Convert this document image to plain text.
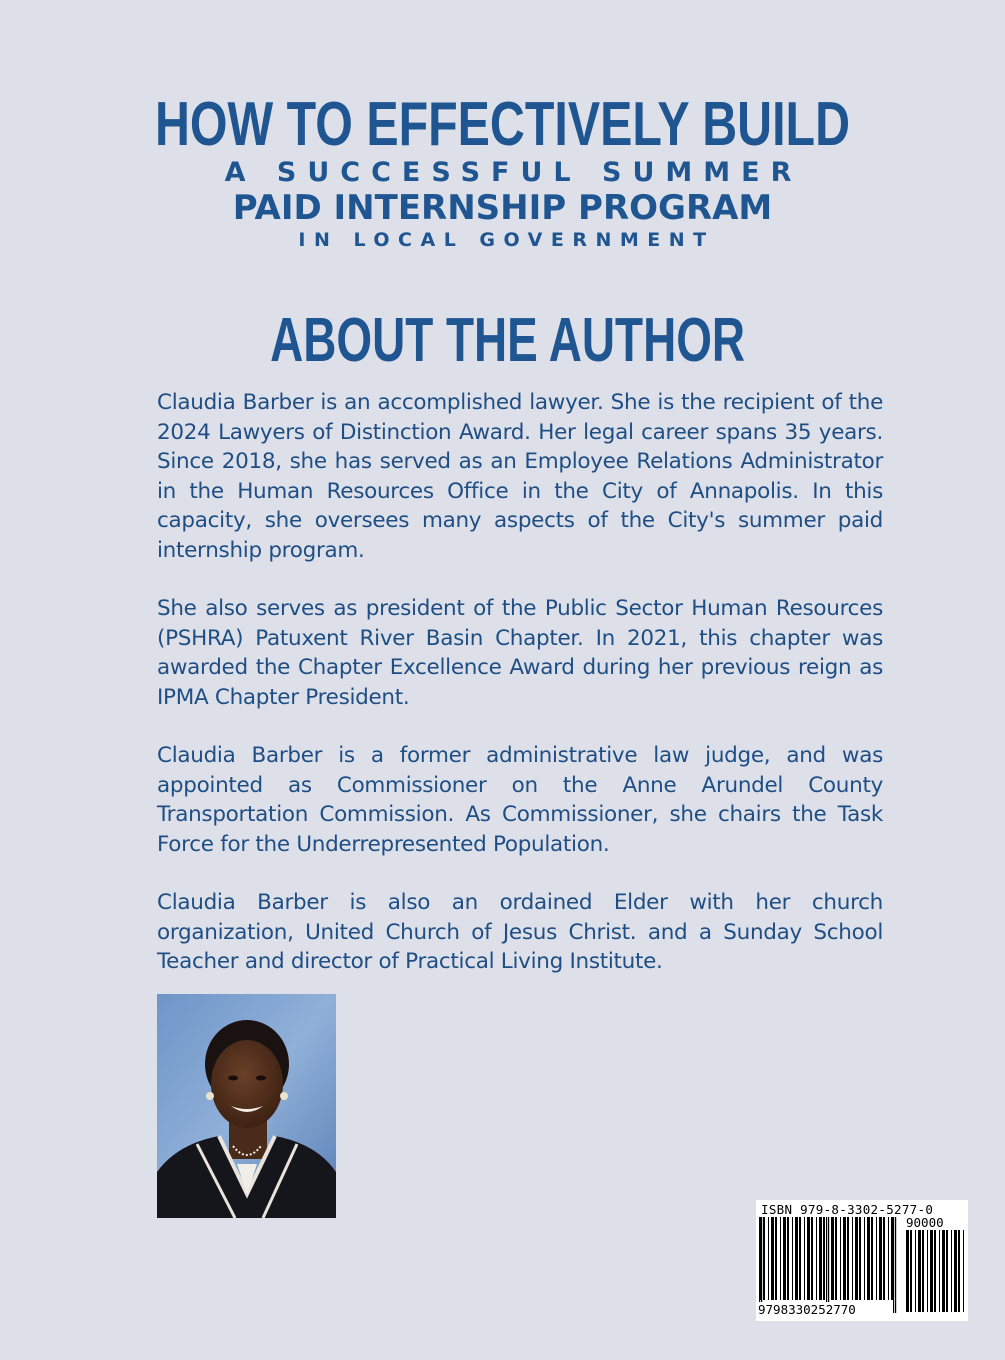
HOW TO EFFECTIVELY BUILD
A SUCCESSFUL SUMMER
PAID INTERNSHIP PROGRAM
IN LOCAL GOVERNMENT
ABOUT THE AUTHOR

Claudia Barber is an accomplished lawyer. She is the recipient of the 2024 Lawyers of Distinction Award. Her legal career spans 35 years. Since 2018, she has served as an Employee Relations Administrator in the Human Resources Office in the City of Annapolis. In this capacity, she oversees many aspects of the City's summer paid internship program.

She also serves as president of the Public Sector Human Resources (PSHRA) Patuxent River Basin Chapter. In 2021, this chapter was awarded the Chapter Excellence Award during her previous reign as IPMA Chapter President.

Claudia Barber is a former administrative law judge, and was appointed as Commissioner on the Anne Arundel County Transportation Commission. As Commissioner, she chairs the Task Force for the Underrepresented Population.

Claudia Barber is also an ordained Elder with her church organization, United Church of Jesus Christ. and a Sunday School Teacher and director of Practical Living Institute.

ISBN 979-8-3302-5277-0
90000
9798330252770
